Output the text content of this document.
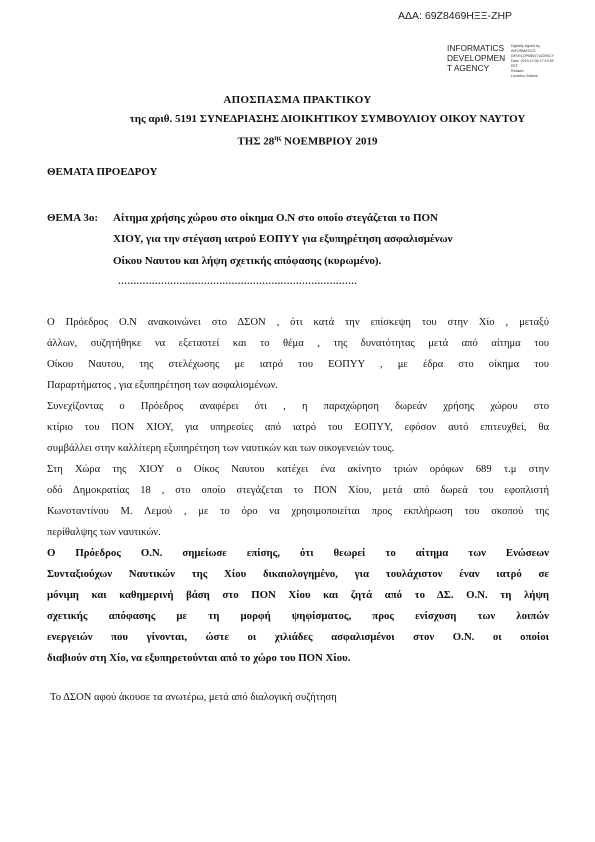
ΑΔΑ: 69Ζ8469ΗΞΞ-ΖΗΡ
INFORMATICS
DEVELOPMEN
T AGENCY
Digitally signed by
INFORMATICS
DEVELOPMENT AGENCY
Date: 2019.12.06 17:10:59
EET
Reason:
Location: Athens
ΑΠΟΣΠΑΣΜΑ ΠΡΑΚΤΙΚΟΥ
της αριθ. 5191 ΣΥΝΕΔΡΙΑΣΗΣ ΔΙΟΙΚΗΤΙΚΟΥ ΣΥΜΒΟΥΛΙΟΥ ΟΙΚΟΥ ΝΑΥΤΟΥ
ΤΗΣ $28^{\eta\varsigma}$ ΝΟΕΜΒΡΙΟΥ 2019
ΘΕΜΑΤΑ ΠΡΟΕΔΡΟΥ
ΘΕΜΑ 3ο: Αίτημα χρήσης χώρου στο οίκημα Ο.Ν στο οποίο στεγάζεται το ΠΟΝ
ΧΙΟΥ, για την στέγαση ιατρού ΕΟΠΥΥ για εξυπηρέτηση ασφαλισμένων
Οίκου Ναυτου και λήψη σχετικής απόφασης (κυρωμένο).
……………………………………………………………………
Ο Πρόεδρος Ο.Ν ανακοινώνει στο ΔΣΟΝ , ότι κατά την επίσκεψη του στην Χίο , μεταξύ
άλλων, συζητήθηκε να εξεταστεί και το θέμα , της δυνατότητας μετά από αίτημα του
Οίκου Ναυτου, της στελέχωσης με ιατρό του ΕΟΠΥΥ , με έδρα στο οίκημα του
Παραρτήματος , για εξυπηρέτηση των ασφαλισμένων.
Συνεχίζοντας ο Πρόεδρος αναφέρει ότι , η παραχώρηση δωρεάν χρήσης χώρου στο
κτίριο του ΠΟΝ ΧΙΟΥ, για υπηρεσίες από ιατρό του ΕΟΠΥΥ, εφόσον αυτό επιτευχθεί, θα
συμβάλλει στην καλλίτερη εξυπηρέτηση των ναυτικών και των οικογενειών τους.
Στη Χώρα της ΧΙΟΥ ο Οίκος Ναυτου κατέχει ένα ακίνητο τριών ορόφων 689 τ.μ στην
οδό Δημοκρατίας 18 , στο οποίο στεγάζεται το ΠΟΝ Χίου, μετά από δωρεά του εφοπλιστή
Κωνσταντίνου Μ. Λεμού , με το όρο να χρησιμοποιείται προς εκπλήρωση του σκοπού της
περίθαλψης των ναυτικών.
Ο Πρόεδρος Ο.Ν. σημείωσε επίσης, ότι θεωρεί το αίτημα των Ενώσεων
Συνταξιούχων Ναυτικών της Χίου δικαιολογημένο, για τουλάχιστον έναν ιατρό σε
μόνιμη και καθημερινή βάση στο ΠΟΝ Χίου και ζητά από το ΔΣ. Ο.Ν. τη λήψη
σχετικής απόφασης με τη μορφή ψηφίσματος, προς ενίσχυση των λοιπών
ενεργειών που γίνονται, ώστε οι χιλιάδες ασφαλισμένοι στον Ο.Ν. οι οποίοι
διαβιούν στη Χίο, να εξυπηρετούνται από το χώρο του ΠΟΝ Χίου.
Το ΔΣΟΝ αφού άκουσε τα ανωτέρω, μετά από διαλογική συζήτηση
